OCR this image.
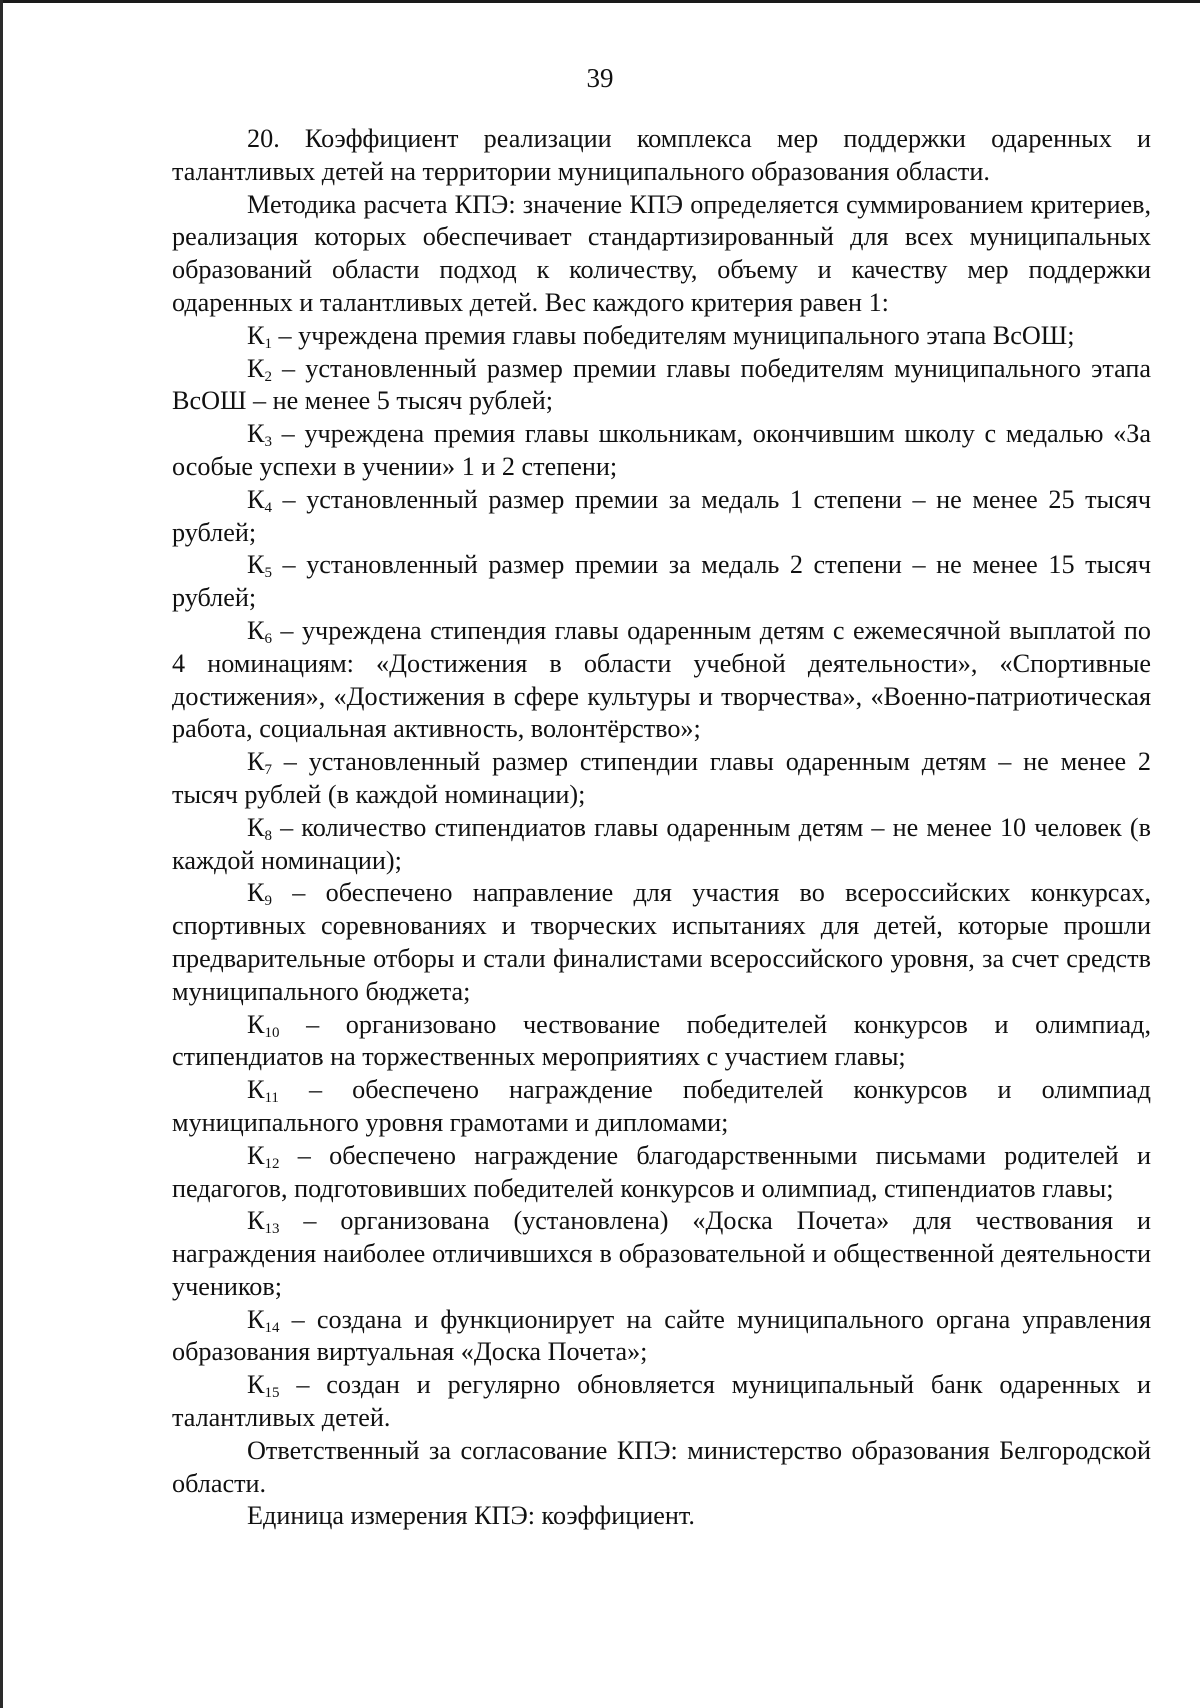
39

20. Коэффициент реализации комплекса мер поддержки одаренных и талантливых детей на территории муниципального образования области.

Методика расчета КПЭ: значение КПЭ определяется суммированием критериев, реализация которых обеспечивает стандартизированный для всех муниципальных образований области подход к количеству, объему и качеству мер поддержки одаренных и талантливых детей. Вес каждого критерия равен 1:

$К_1$ – учреждена премия главы победителям муниципального этапа ВсОШ;

$К_2$ – установленный размер премии главы победителям муниципального этапа ВсОШ – не менее 5 тысяч рублей;

$К_3$ – учреждена премия главы школьникам, окончившим школу с медалью «За особые успехи в учении» 1 и 2 степени;

$К_4$ – установленный размер премии за медаль 1 степени – не менее 25 тысяч рублей;

$К_5$ – установленный размер премии за медаль 2 степени – не менее 15 тысяч рублей;

$К_6$ – учреждена стипендия главы одаренным детям с ежемесячной выплатой по 4 номинациям: «Достижения в области учебной деятельности», «Спортивные достижения», «Достижения в сфере культуры и творчества», «Военно-патриотическая работа, социальная активность, волонтёрство»;

$К_7$ – установленный размер стипендии главы одаренным детям – не менее 2 тысяч рублей (в каждой номинации);

$К_8$ – количество стипендиатов главы одаренным детям – не менее 10 человек (в каждой номинации);

$К_9$ – обеспечено направление для участия во всероссийских конкурсах, спортивных соревнованиях и творческих испытаниях для детей, которые прошли предварительные отборы и стали финалистами всероссийского уровня, за счет средств муниципального бюджета;

$К_{10}$ – организовано чествование победителей конкурсов и олимпиад, стипендиатов на торжественных мероприятиях с участием главы;

$К_{11}$ – обеспечено награждение победителей конкурсов и олимпиад муниципального уровня грамотами и дипломами;

$К_{12}$ – обеспечено награждение благодарственными письмами родителей и педагогов, подготовивших победителей конкурсов и олимпиад, стипендиатов главы;

$К_{13}$ – организована (установлена) «Доска Почета» для чествования и награждения наиболее отличившихся в образовательной и общественной деятельности учеников;

$К_{14}$ – создана и функционирует на сайте муниципального органа управления образования виртуальная «Доска Почета»;

$К_{15}$ – создан и регулярно обновляется муниципальный банк одаренных и талантливых детей.

Ответственный за согласование КПЭ: министерство образования Белгородской области.

Единица измерения КПЭ: коэффициент.
